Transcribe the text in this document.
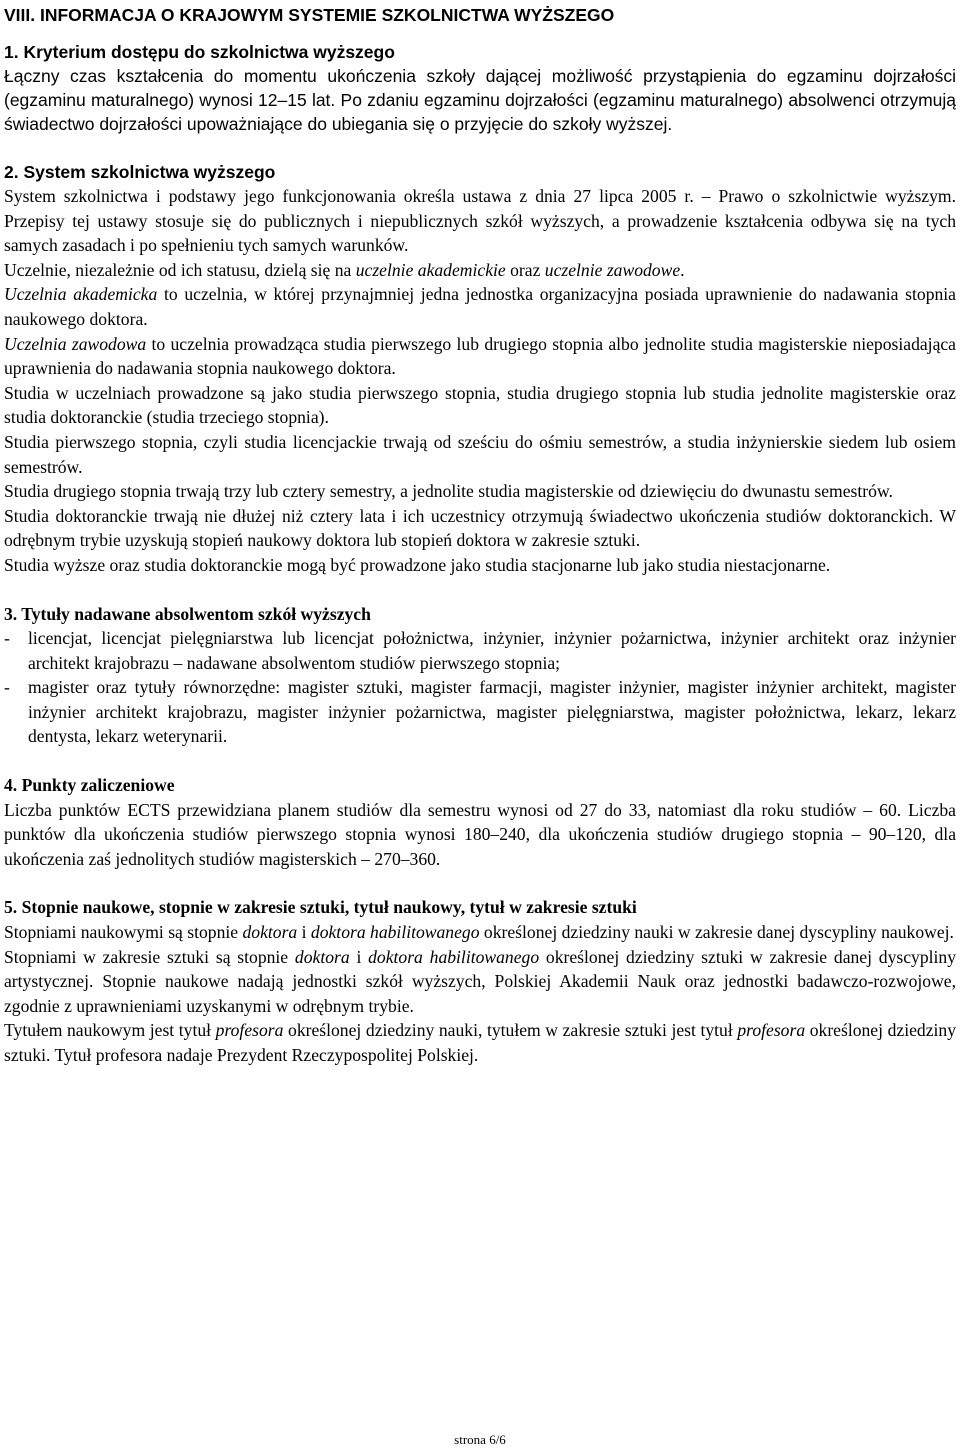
VIII. INFORMACJA O KRAJOWYM SYSTEMIE SZKOLNICTWA WYŻSZEGO
1. Kryterium dostępu do szkolnictwa wyższego

Łączny czas kształcenia do momentu ukończenia szkoły dającej możliwość przystąpienia do egzaminu dojrzałości (egzaminu maturalnego) wynosi 12–15 lat. Po zdaniu egzaminu dojrzałości (egzaminu maturalnego) absolwenci otrzymują świadectwo dojrzałości upoważniające do ubiegania się o przyjęcie do szkoły wyższej.

2. System szkolnictwa wyższego

System szkolnictwa i podstawy jego funkcjonowania określa ustawa z dnia 27 lipca 2005 r. – Prawo o szkolnictwie wyższym. Przepisy tej ustawy stosuje się do publicznych i niepublicznych szkół wyższych, a prowadzenie kształcenia odbywa się na tych samych zasadach i po spełnieniu tych samych warunków.

Uczelnie, niezależnie od ich statusu, dzielą się na uczelnie akademickie oraz uczelnie zawodowe.

Uczelnia akademicka to uczelnia, w której przynajmniej jedna jednostka organizacyjna posiada uprawnienie do nadawania stopnia naukowego doktora.

Uczelnia zawodowa to uczelnia prowadząca studia pierwszego lub drugiego stopnia albo jednolite studia magisterskie nieposiadająca uprawnienia do nadawania stopnia naukowego doktora.

Studia w uczelniach prowadzone są jako studia pierwszego stopnia, studia drugiego stopnia lub studia jednolite magisterskie oraz studia doktoranckie (studia trzeciego stopnia).

Studia pierwszego stopnia, czyli studia licencjackie trwają od sześciu do ośmiu semestrów, a studia inżynierskie siedem lub osiem semestrów.

Studia drugiego stopnia trwają trzy lub cztery semestry, a jednolite studia magisterskie od dziewięciu do dwunastu semestrów.

Studia doktoranckie trwają nie dłużej niż cztery lata i ich uczestnicy otrzymują świadectwo ukończenia studiów doktoranckich. W odrębnym trybie uzyskują stopień naukowy doktora lub stopień doktora w zakresie sztuki.

Studia wyższe oraz studia doktoranckie mogą być prowadzone jako studia stacjonarne lub jako studia niestacjonarne.

3. Tytuły nadawane absolwentom szkół wyższych
-	licencjat, licencjat pielęgniarstwa lub licencjat położnictwa, inżynier, inżynier pożarnictwa, inżynier architekt oraz inżynier architekt krajobrazu – nadawane absolwentom studiów pierwszego stopnia;
-	magister oraz tytuły równorzędne: magister sztuki, magister farmacji, magister inżynier, magister inżynier architekt, magister inżynier architekt krajobrazu, magister inżynier pożarnictwa, magister pielęgniarstwa, magister położnictwa, lekarz, lekarz dentysta, lekarz weterynarii.
4. Punkty zaliczeniowe

Liczba punktów ECTS przewidziana planem studiów dla semestru wynosi od 27 do 33, natomiast dla roku studiów – 60. Liczba punktów dla ukończenia studiów pierwszego stopnia wynosi 180–240, dla ukończenia studiów drugiego stopnia – 90–120, dla ukończenia zaś jednolitych studiów magisterskich – 270–360.

5. Stopnie naukowe, stopnie w zakresie sztuki, tytuł naukowy, tytuł w zakresie sztuki

Stopniami naukowymi są stopnie doktora i doktora habilitowanego określonej dziedziny nauki w zakresie danej dyscypliny naukowej.

Stopniami w zakresie sztuki są stopnie doktora i doktora habilitowanego określonej dziedziny sztuki w zakresie danej dyscypliny artystycznej. Stopnie naukowe nadają jednostki szkół wyższych, Polskiej Akademii Nauk oraz jednostki badawczo-rozwojowe, zgodnie z uprawnieniami uzyskanymi w odrębnym trybie.

Tytułem naukowym jest tytuł profesora określonej dziedziny nauki, tytułem w zakresie sztuki jest tytuł profesora określonej dziedziny sztuki. Tytuł profesora nadaje Prezydent Rzeczypospolitej Polskiej.

strona 6/6
